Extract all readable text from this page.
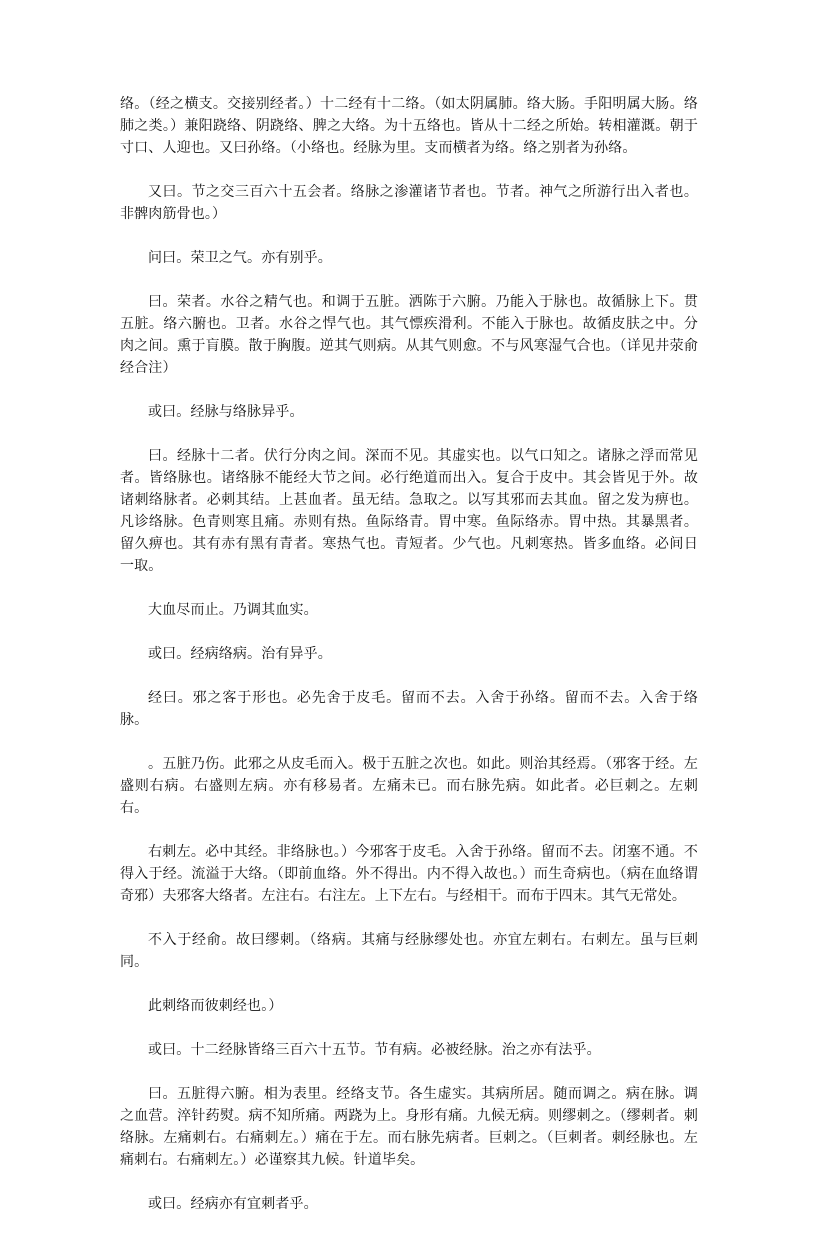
络。（经之横支。交接别经者。）十二经有十二络。（如太阴属肺。络大肠。手阳明属大肠。络肺之类。）兼阳跷络、阴跷络、脾之大络。为十五络也。皆从十二经之所始。转相灌溉。朝于寸口、人迎也。又曰孙络。（小络也。经脉为里。支而横者为络。络之别者为孙络。

又曰。节之交三百六十五会者。络脉之渗灌诸节者也。节者。神气之所游行出入者也。非髀肉筋骨也。）

问曰。荣卫之气。亦有别乎。

曰。荣者。水谷之精气也。和调于五脏。洒陈于六腑。乃能入于脉也。故循脉上下。贯五脏。络六腑也。卫者。水谷之悍气也。其气慓疾滑利。不能入于脉也。故循皮肤之中。分肉之间。熏于肓膜。散于胸腹。逆其气则病。从其气则愈。不与风寒湿气合也。（详见井荥俞经合注）

或曰。经脉与络脉异乎。

曰。经脉十二者。伏行分肉之间。深而不见。其虚实也。以气口知之。诸脉之浮而常见者。皆络脉也。诸络脉不能经大节之间。必行绝道而出入。复合于皮中。其会皆见于外。故诸刺络脉者。必刺其结。上甚血者。虽无结。急取之。以写其邪而去其血。留之发为痹也。凡诊络脉。色青则寒且痛。赤则有热。鱼际络青。胃中寒。鱼际络赤。胃中热。其暴黑者。留久痹也。其有赤有黑有青者。寒热气也。青短者。少气也。凡刺寒热。皆多血络。必间日一取。

大血尽而止。乃调其血实。

或曰。经病络病。治有异乎。

经曰。邪之客于形也。必先舍于皮毛。留而不去。入舍于孙络。留而不去。入舍于络脉。

。五脏乃伤。此邪之从皮毛而入。极于五脏之次也。如此。则治其经焉。（邪客于经。左盛则右病。右盛则左病。亦有移易者。左痛未已。而右脉先病。如此者。必巨刺之。左刺右。

右刺左。必中其经。非络脉也。）今邪客于皮毛。入舍于孙络。留而不去。闭塞不通。不得入于经。流溢于大络。（即前血络。外不得出。内不得入故也。）而生奇病也。（病在血络谓奇邪）夫邪客大络者。左注右。右注左。上下左右。与经相干。而布于四末。其气无常处。

不入于经俞。故曰缪刺。（络病。其痛与经脉缪处也。亦宜左刺右。右刺左。虽与巨刺同。

此刺络而彼刺经也。）

或曰。十二经脉皆络三百六十五节。节有病。必被经脉。治之亦有法乎。

曰。五脏得六腑。相为表里。经络支节。各生虚实。其病所居。随而调之。病在脉。调之血营。淬针药熨。病不知所痛。两跷为上。身形有痛。九候无病。则缪刺之。（缪刺者。刺络脉。左痛刺右。右痛刺左。）痛在于左。而右脉先病者。巨刺之。（巨刺者。刺经脉也。左痛刺右。右痛刺左。）必谨察其九候。针道毕矣。

或曰。经病亦有宜刺者乎。
